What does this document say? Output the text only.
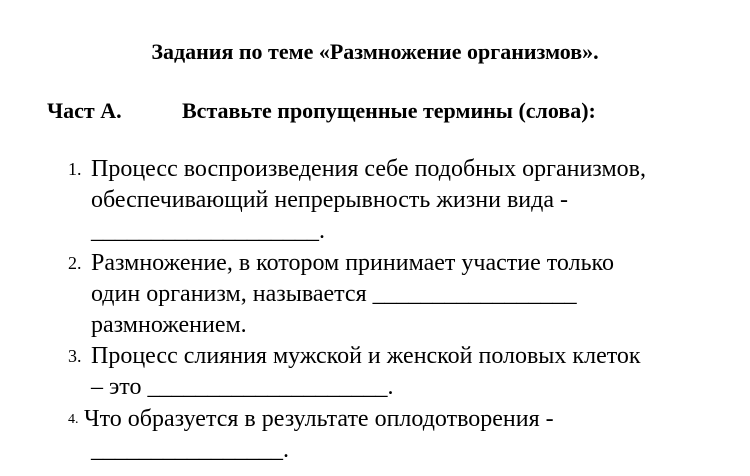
Задания по теме «Размножение организмов».
Част А.	Вставьте пропущенные термины (слова):
1. Процесс воспроизведения себе подобных организмов,
обеспечивающий непрерывность жизни вида -
___________________.
2. Размножение, в котором принимает участие только
один организм, называется _________________
размножением.
3. Процесс слияния мужской и женской половых клеток
– это ____________________.
4. Что образуется в результате оплодотворения -
________________.
